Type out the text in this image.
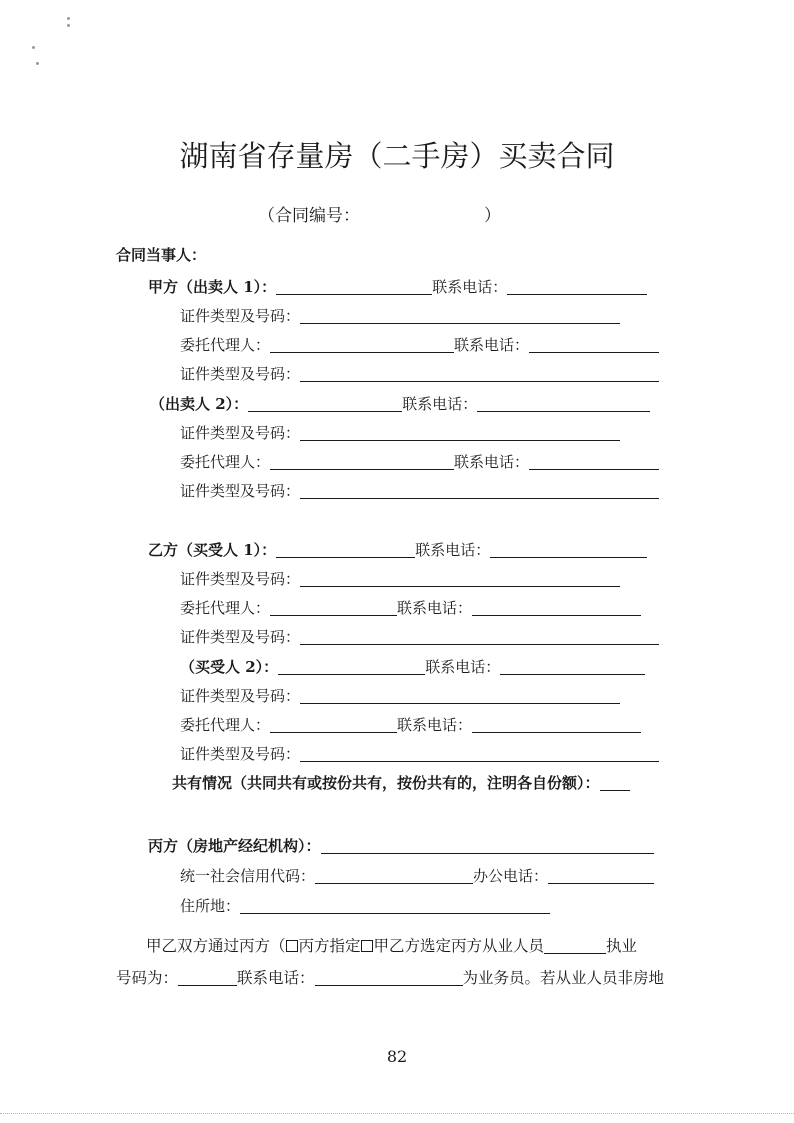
湖南省存量房（二手房）买卖合同
（合同编号：	）
合同当事人：
甲方（出卖人 1）：	联系电话：
证件类型及号码：
委托代理人：	联系电话：
证件类型及号码：
（出卖人 2）：	联系电话：
证件类型及号码：
委托代理人：	联系电话：
证件类型及号码：
乙方（买受人 1）：	联系电话：
证件类型及号码：
委托代理人：	联系电话：
证件类型及号码：
（买受人 2）：	联系电话：
证件类型及号码：
委托代理人：	联系电话：
证件类型及号码：
共有情况（共同共有或按份共有，按份共有的，注明各自份额）：
丙方（房地产经纪机构）：
统一社会信用代码：	办公电话：
住所地：
甲乙双方通过丙方（ 丙方指定 甲乙方选定丙方从业人员	执业
号码为：	联系电话：	为业务员。若从业人员非房地
82
